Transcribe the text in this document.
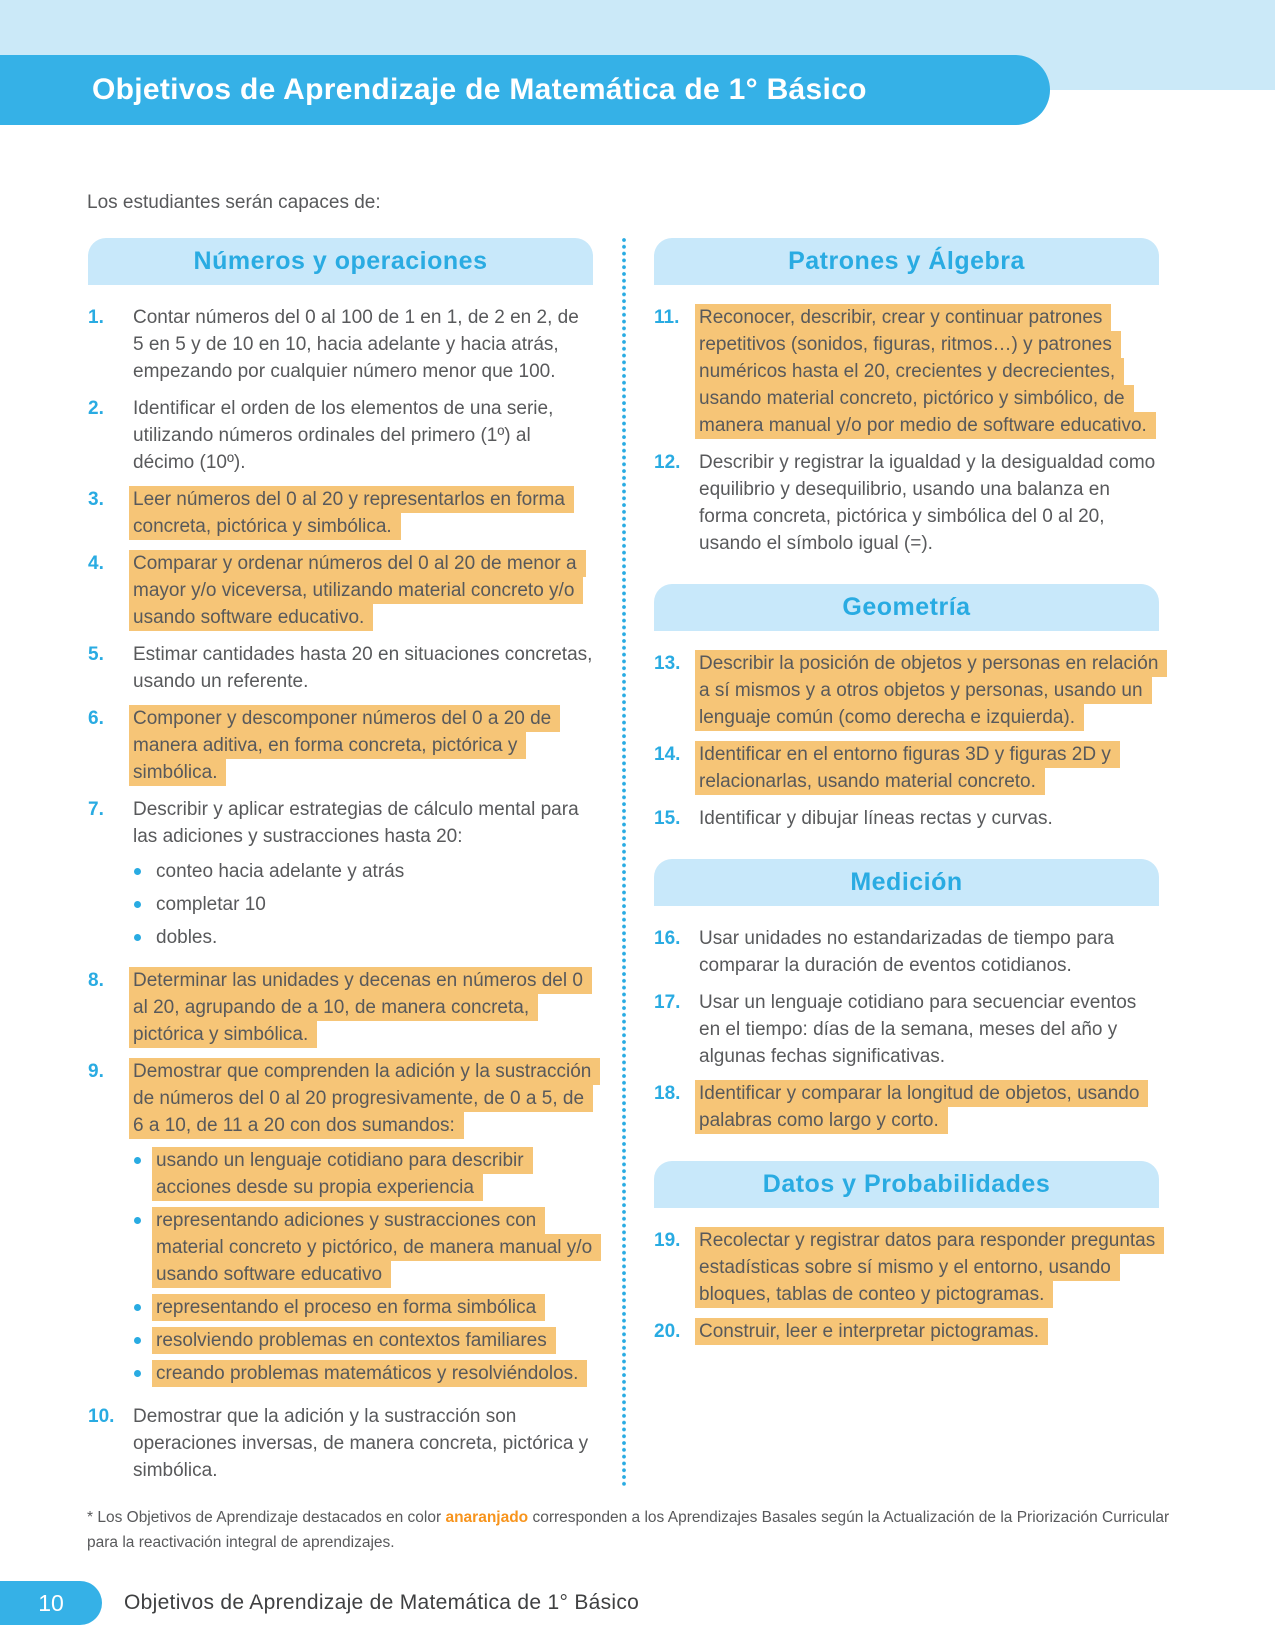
Objetivos de Aprendizaje de Matemática de 1° Básico
Los estudiantes serán capaces de:
Números y operaciones
1.	Contar números del 0 al 100 de 1 en 1, de 2 en 2, de 5 en 5 y de 10 en 10, hacia adelante y hacia atrás, empezando por cualquier número menor que 100.
2.	Identificar el orden de los elementos de una serie, utilizando números ordinales del primero (1º) al décimo (10º).
3.	Leer números del 0 al 20 y representarlos en forma concreta, pictórica y simbólica.
4.	Comparar y ordenar números del 0 al 20 de menor a mayor y/o viceversa, utilizando material concreto y/o usando software educativo.
5.	Estimar cantidades hasta 20 en situaciones concretas, usando un referente.
6.	Componer y descomponer números del 0 a 20 de manera aditiva, en forma concreta, pictórica y simbólica.
7.	Describir y aplicar estrategias de cálculo mental para las adiciones y sustracciones hasta 20:
conteo hacia adelante y atrás
completar 10
dobles.
8.	Determinar las unidades y decenas en números del 0 al 20, agrupando de a 10, de manera concreta, pictórica y simbólica.
9.	Demostrar que comprenden la adición y la sustracción de números del 0 al 20 progresivamente, de 0 a 5, de 6 a 10, de 11 a 20 con dos sumandos:
usando un lenguaje cotidiano para describir acciones desde su propia experiencia
representando adiciones y sustracciones con material concreto y pictórico, de manera manual y/o usando software educativo
representando el proceso en forma simbólica
resolviendo problemas en contextos familiares
creando problemas matemáticos y resolviéndolos.
10. Demostrar que la adición y la sustracción son operaciones inversas, de manera concreta, pictórica y simbólica.
Patrones y Álgebra
11.	Reconocer, describir, crear y continuar patrones repetitivos (sonidos, figuras, ritmos…) y patrones numéricos hasta el 20, crecientes y decrecientes, usando material concreto, pictórico y simbólico, de manera manual y/o por medio de software educativo.
12. Describir y registrar la igualdad y la desigualdad como equilibrio y desequilibrio, usando una balanza en forma concreta, pictórica y simbólica del 0 al 20, usando el símbolo igual (=).
Geometría
13. Describir la posición de objetos y personas en relación a sí mismos y a otros objetos y personas, usando un lenguaje común (como derecha e izquierda).
14. Identificar en el entorno figuras 3D y figuras 2D y relacionarlas, usando material concreto.
15. Identificar y dibujar líneas rectas y curvas.
Medición
16. Usar unidades no estandarizadas de tiempo para comparar la duración de eventos cotidianos.
17. Usar un lenguaje cotidiano para secuenciar eventos en el tiempo: días de la semana, meses del año y algunas fechas significativas.
18. Identificar y comparar la longitud de objetos, usando palabras como largo y corto.
Datos y Probabilidades
19. Recolectar y registrar datos para responder preguntas estadísticas sobre sí mismo y el entorno, usando bloques, tablas de conteo y pictogramas.
20. Construir, leer e interpretar pictogramas.
* Los Objetivos de Aprendizaje destacados en color anaranjado corresponden a los Aprendizajes Basales según la Actualización de la Priorización Curricular para la reactivación integral de aprendizajes.
10	Objetivos de Aprendizaje de Matemática de 1° Básico
